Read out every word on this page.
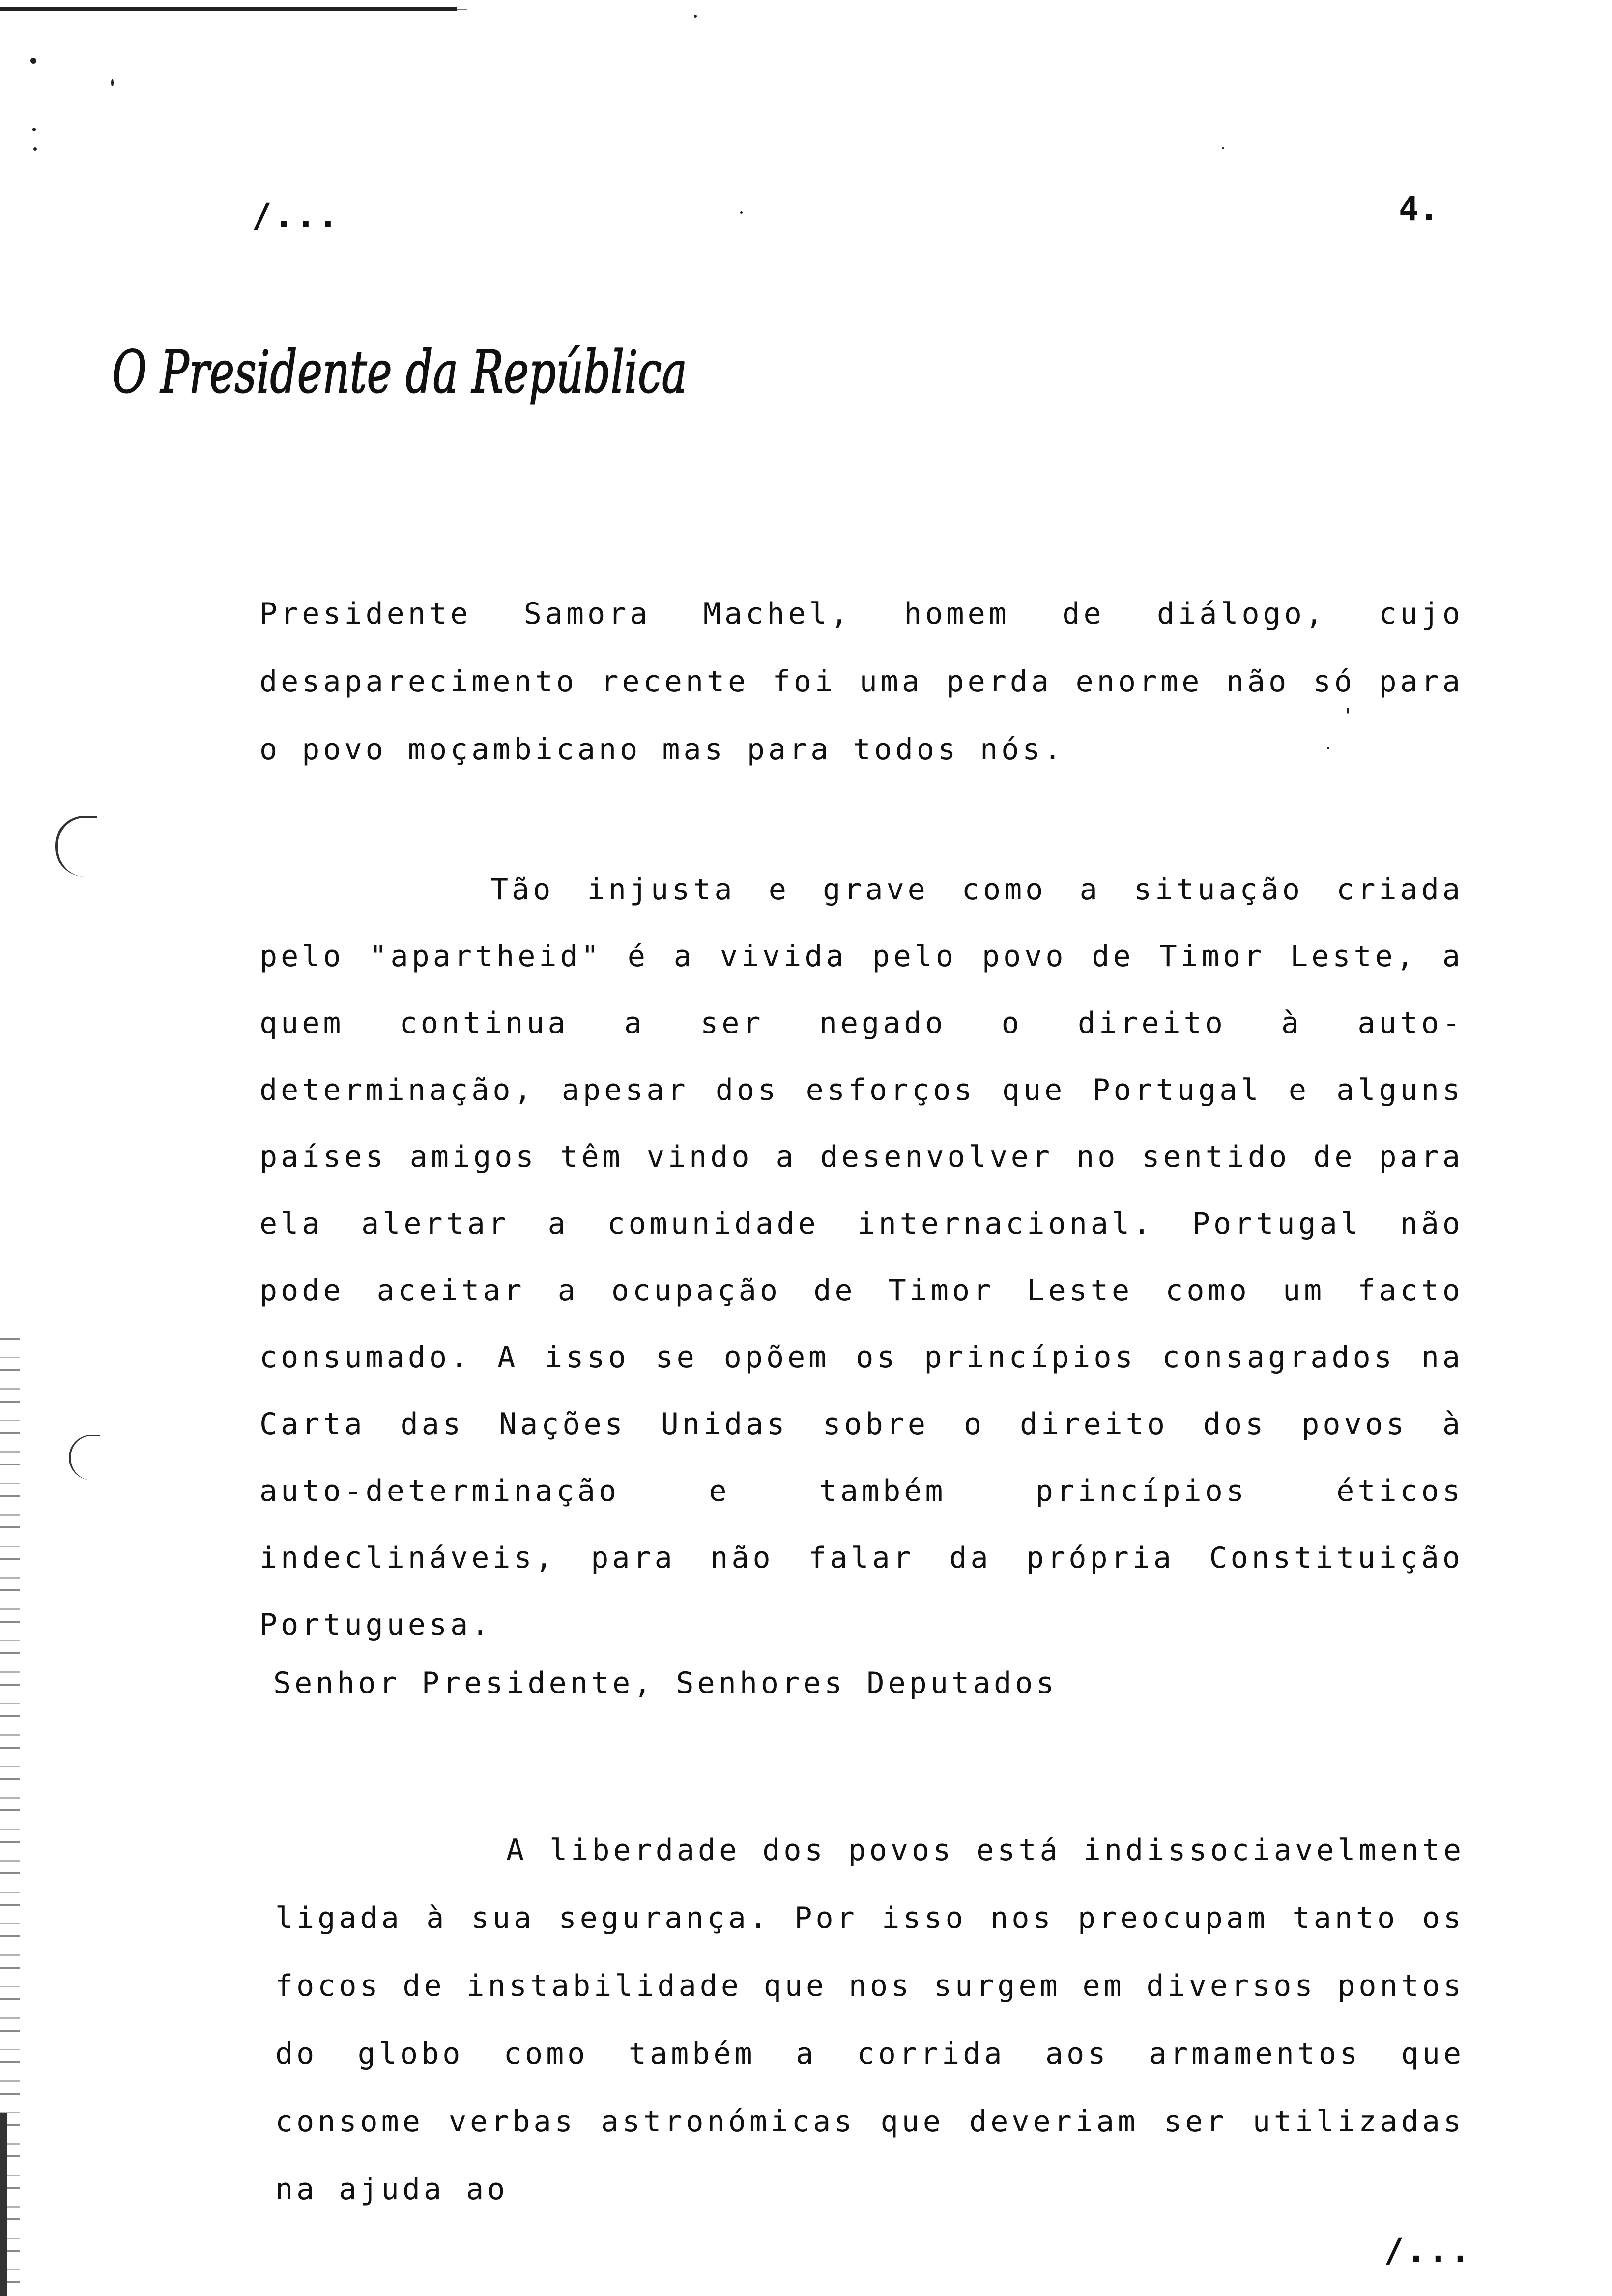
/...	4.
O Presidente da República
Presidente Samora Machel, homem de diálogo, cujo desaparecimento recente foi uma perda enorme não só para o povo moçambicano mas para todos nós.
Tão injusta e grave como a situação criada pelo "apartheid" é a vivida pelo povo de Timor Leste, a quem continua a ser negado o direito à auto-determinação, apesar dos esforços que Portugal e alguns países amigos têm vindo a desenvolver no sentido de para ela alertar a comunidade internacional. Portugal não pode aceitar a ocupação de Timor Leste como um facto consumado. A isso se opõem os princípios consagrados na Carta das Nações Unidas sobre o direito dos povos à auto-determinação e também princípios éticos indeclináveis, para não falar da própria Constituição Portuguesa.
Senhor Presidente, Senhores Deputados
A liberdade dos povos está indissociavelmente ligada à sua segurança. Por isso nos preocupam tanto os focos de instabilidade que nos surgem em diversos pontos do globo como também a corrida aos armamentos que consome verbas astronómicas que deveriam ser utilizadas na ajuda ao
/...
